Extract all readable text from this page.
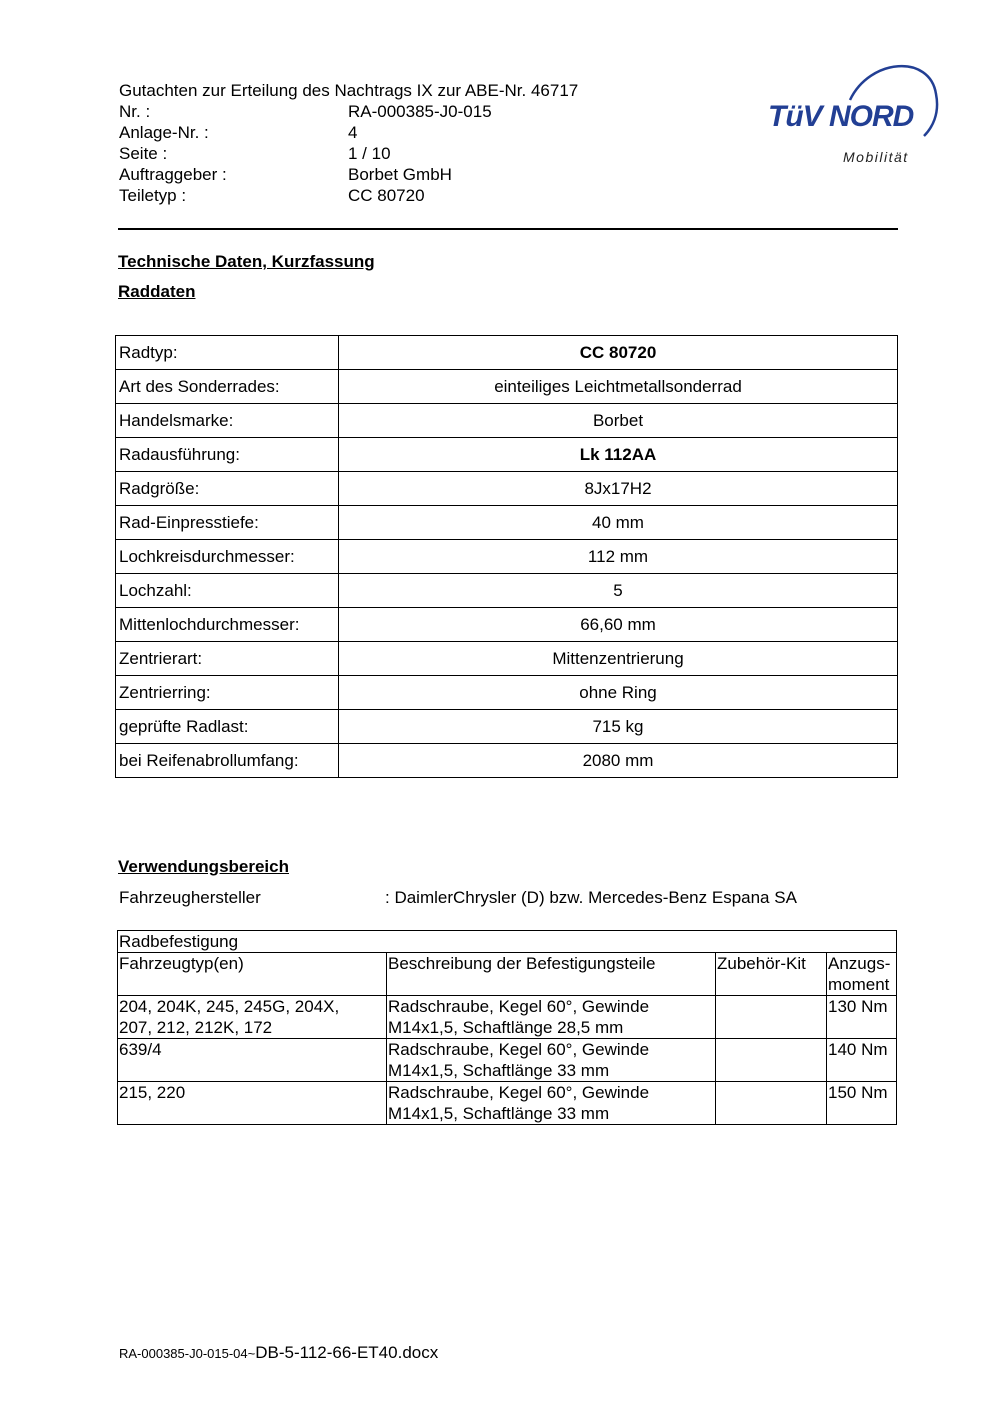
Gutachten zur Erteilung des Nachtrags IX zur ABE-Nr. 46717
Nr. :	RA-000385-J0-015
Anlage-Nr. :	4
Seite :	1 / 10
Auftraggeber :	Borbet GmbH
Teiletyp :	CC 80720
TüV NORD
Mobilität
Technische Daten, Kurzfassung
Raddaten
Radtyp:	CC 80720
Art des Sonderrades:	einteiliges Leichtmetallsonderrad
Handelsmarke:	Borbet
Radausführung:	Lk 112AA
Radgröße:	8Jx17H2
Rad-Einpresstiefe:	40 mm
Lochkreisdurchmesser:	112 mm
Lochzahl:	5
Mittenlochdurchmesser:	66,60 mm
Zentrierart:	Mittenzentrierung
Zentrierring:	ohne Ring
geprüfte Radlast:	715 kg
bei Reifenabrollumfang:	2080 mm
Verwendungsbereich
Fahrzeughersteller	: DaimlerChrysler (D) bzw. Mercedes-Benz Espana SA
Radbefestigung			
Fahrzeugtyp(en)	Beschreibung der Befestigungsteile	Zubehör-Kit	Anzugs-
moment
204, 204K, 245, 245G, 204X,
207, 212, 212K, 172	Radschraube, Kegel 60°, Gewinde
M14x1,5, Schaftlänge 28,5 mm		130 Nm
639/4	Radschraube, Kegel 60°, Gewinde
M14x1,5, Schaftlänge 33 mm		140 Nm
215, 220	Radschraube, Kegel 60°, Gewinde
M14x1,5, Schaftlänge 33 mm		150 Nm
RA-000385-J0-015-04~DB-5-112-66-ET40.docx
